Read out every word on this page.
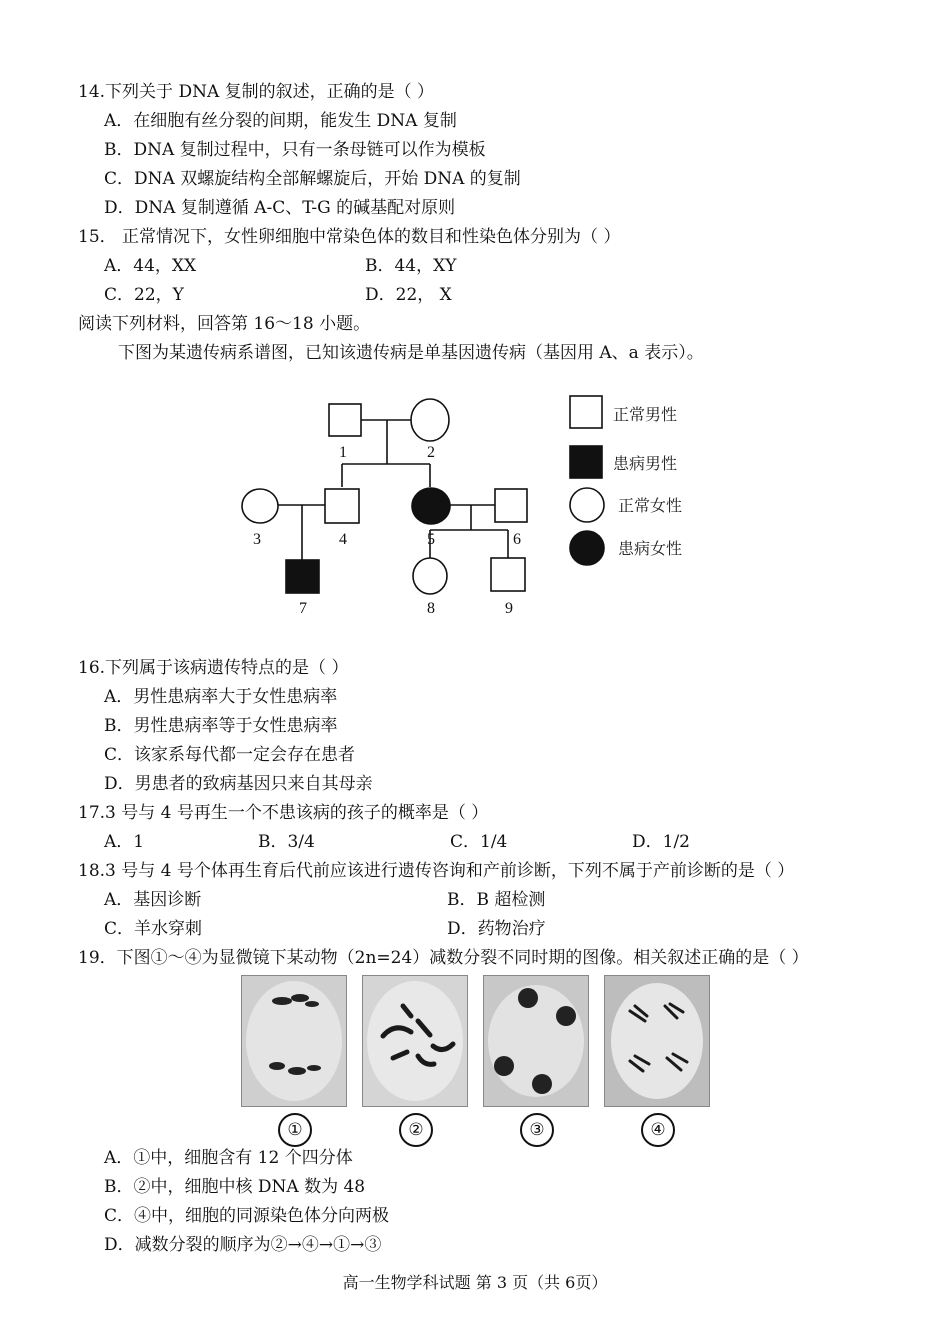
14.下列关于 DNA 复制的叙述，正确的是（ ）
A．在细胞有丝分裂的间期，能发生 DNA 复制
B．DNA 复制过程中，只有一条母链可以作为模板
C．DNA 双螺旋结构全部解螺旋后，开始 DNA 的复制
D．DNA 复制遵循 A-C、T-G 的碱基配对原则
15． 正常情况下，女性卵细胞中常染色体的数目和性染色体分别为（ ）
A．44，XX	B．44，XY
C．22，Y	D．22， X
阅读下列材料，回答第 16～18 小题。
下图为某遗传病系谱图，已知该遗传病是单基因遗传病（基因用 A、a 表示）。
1	2
3	4	5	6
7	8	9
正常男性
患病男性
正常女性
患病女性
16.下列属于该病遗传特点的是（ ）
A．男性患病率大于女性患病率
B．男性患病率等于女性患病率
C．该家系每代都一定会存在患者
D．男患者的致病基因只来自其母亲
17.3 号与 4 号再生一个不患该病的孩子的概率是（ ）
A．1	B．3/4	C．1/4	D．1/2
18.3 号与 4 号个体再生育后代前应该进行遗传咨询和产前诊断，下列不属于产前诊断的是（ ）
A．基因诊断	B．B 超检测
C．羊水穿刺	D．药物治疗
19．下图①～④为显微镜下某动物（2n=24）减数分裂不同时期的图像。相关叙述正确的是（ ）
①	②	③	④
A．①中，细胞含有 12 个四分体
B．②中，细胞中核 DNA 数为 48
C．④中，细胞的同源染色体分向两极
D．减数分裂的顺序为②→④→①→③
高一生物学科试题 第 3 页（共 6页）
